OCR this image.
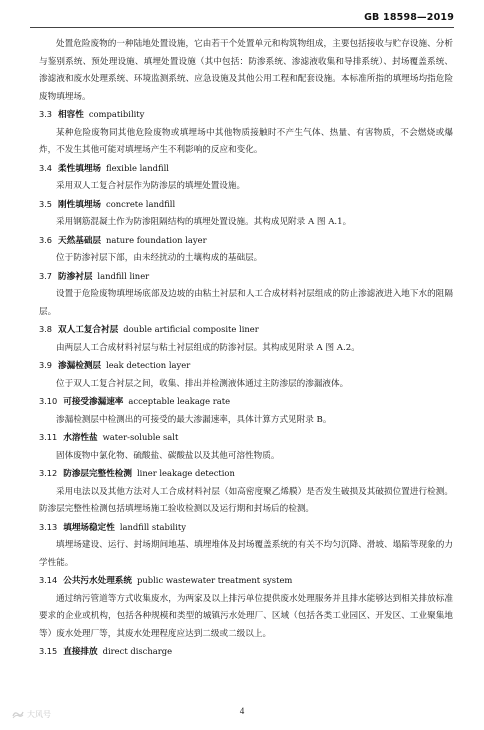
GB 18598—2019

处置危险废物的一种陆地处置设施，它由若干个处置单元和构筑物组成，主要包括接收与贮存设施、分析与鉴别系统、预处理设施、填埋处置设施（其中包括：防渗系统、渗滤液收集和导排系统）、封场覆盖系统、渗滤液和废水处理系统、环境监测系统、应急设施及其他公用工程和配套设施。本标准所指的填埋场均指危险废物填埋场。

3.3 相容性 compatibility

某种危险废物同其他危险废物或填埋场中其他物质接触时不产生气体、热量、有害物质，不会燃烧或爆炸，不发生其他可能对填埋场产生不利影响的反应和变化。

3.4 柔性填埋场 flexible landfill

采用双人工复合衬层作为防渗层的填埋处置设施。

3.5 刚性填埋场 concrete landfill

采用钢筋混凝土作为防渗阻隔结构的填埋处置设施。其构成见附录 A 图 A.1。

3.6 天然基础层 nature foundation layer

位于防渗衬层下部，由未经扰动的土壤构成的基础层。

3.7 防渗衬层 landfill liner

设置于危险废物填埋场底部及边坡的由粘土衬层和人工合成材料衬层组成的防止渗滤液进入地下水的阻隔层。

3.8 双人工复合衬层 double artificial composite liner

由两层人工合成材料衬层与粘土衬层组成的防渗衬层。其构成见附录 A 图 A.2。

3.9 渗漏检测层 leak detection layer

位于双人工复合衬层之间，收集、排出并检测液体通过主防渗层的渗漏液体。

3.10 可接受渗漏速率 acceptable leakage rate

渗漏检测层中检测出的可接受的最大渗漏速率，具体计算方式见附录 B。

3.11 水溶性盐 water-soluble salt

固体废物中氯化物、硫酸盐、碳酸盐以及其他可溶性物质。

3.12 防渗层完整性检测 liner leakage detection

采用电法以及其他方法对人工合成材料衬层（如高密度聚乙烯膜）是否发生破损及其破损位置进行检测。防渗层完整性检测包括填埋场施工验收检测以及运行期和封场后的检测。

3.13 填埋场稳定性 landfill stability

填埋场建设、运行、封场期间地基、填埋堆体及封场覆盖系统的有关不均匀沉降、滑坡、塌陷等现象的力学性能。

3.14 公共污水处理系统 public wastewater treatment system

通过纳污管道等方式收集废水，为两家及以上排污单位提供废水处理服务并且排水能够达到相关排放标准要求的企业或机构，包括各种规模和类型的城镇污水处理厂、区域（包括各类工业园区、开发区、工业聚集地等）废水处理厂等，其废水处理程度应达到二级或二级以上。

3.15 直接排放 direct discharge

4
大风号
